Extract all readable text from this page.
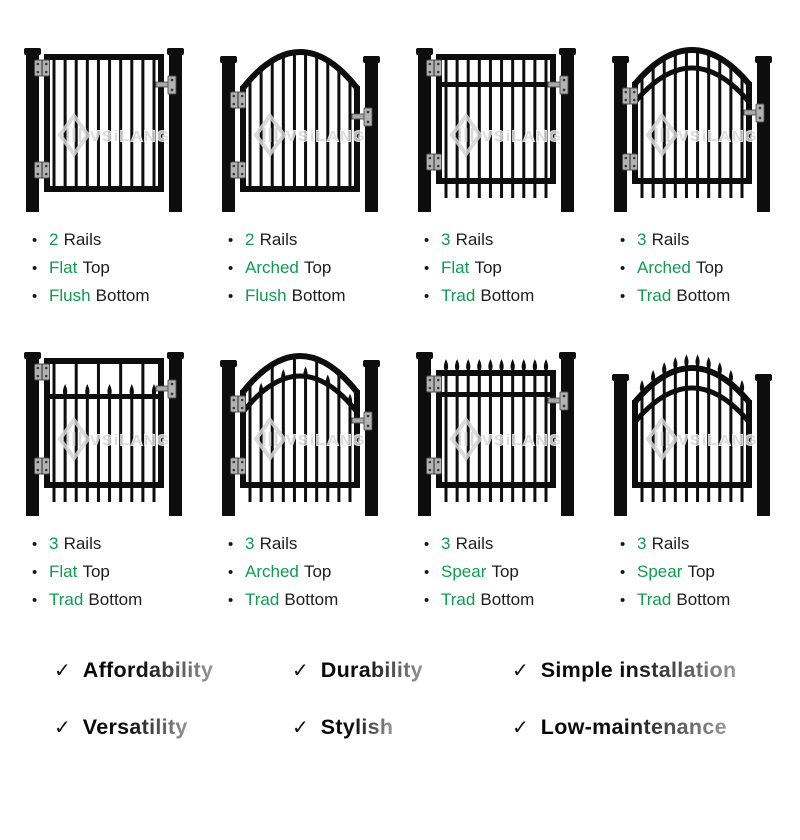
VSiLANG
• 2 Rails
• Flat Top
• Flush Bottom
VSiLANG
• 2 Rails
• Arched Top
• Flush Bottom
VSiLANG
• 3 Rails
• Flat Top
• Trad Bottom
VSiLANG
• 3 Rails
• Arched Top
• Trad Bottom
VSiLANG
• 3 Rails
• Flat Top
• Trad Bottom
VSiLANG
• 3 Rails
• Arched Top
• Trad Bottom
VSiLANG
• 3 Rails
• Spear Top
• Trad Bottom
VSiLANG
• 3 Rails
• Spear Top
• Trad Bottom
✓ Affordability	✓ Durability	✓ Simple installation
✓ Versatility	✓ Stylish	✓ Low-maintenance
